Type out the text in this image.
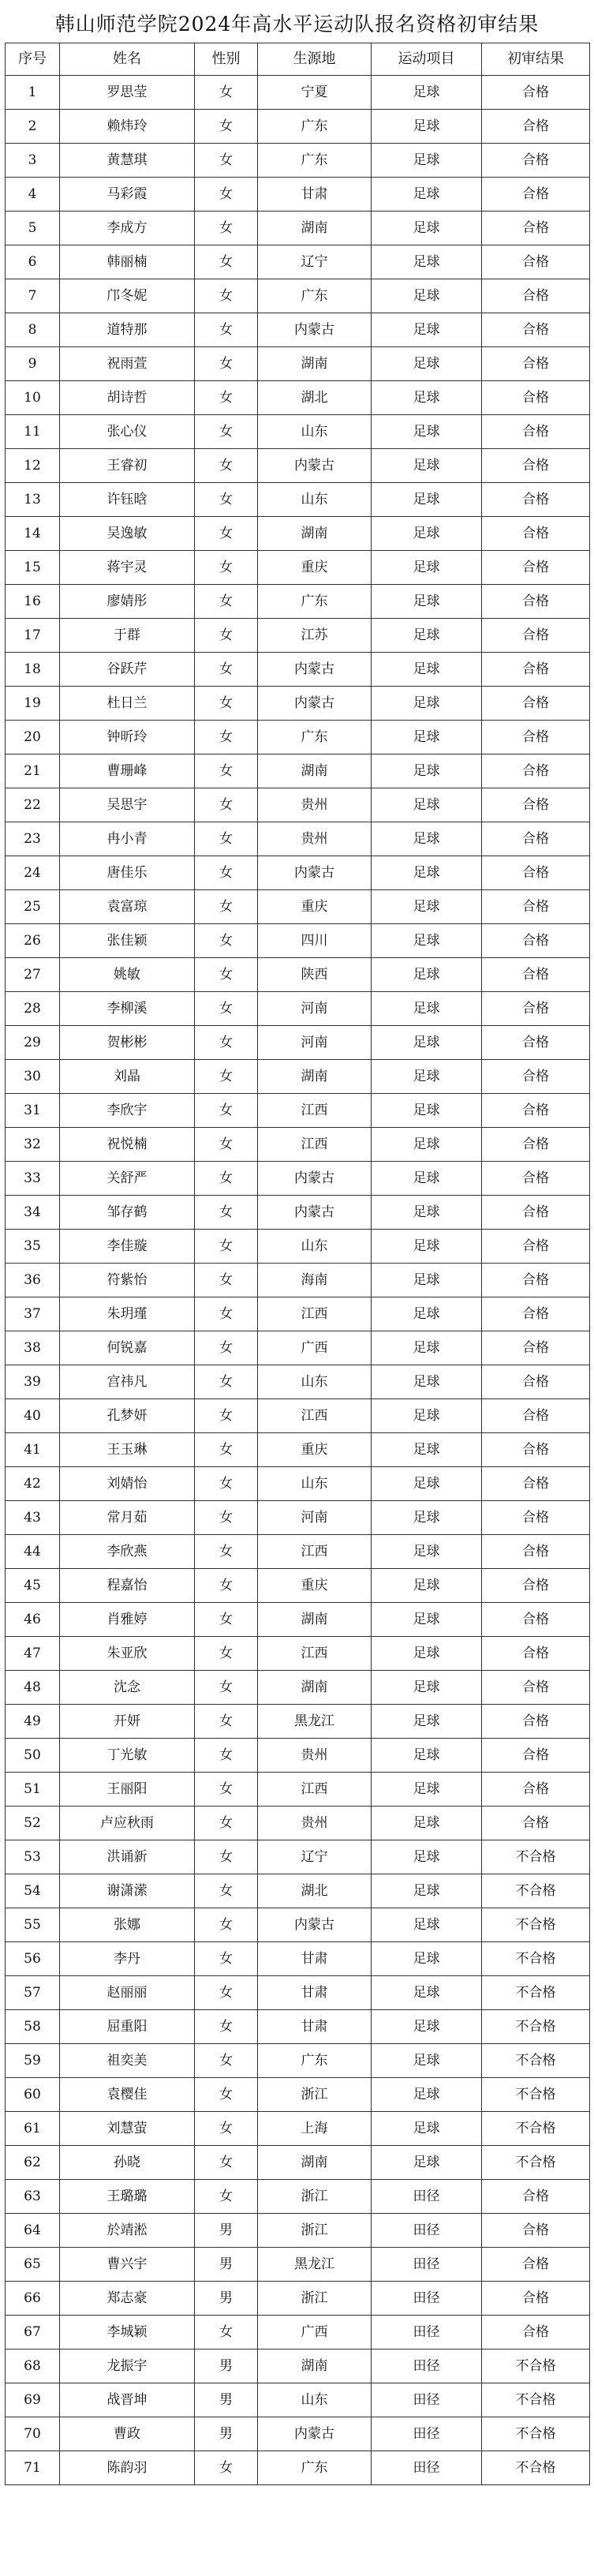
韩山师范学院2024年高水平运动队报名资格初审结果
序号	姓名	性别	生源地	运动项目	初审结果
1	罗思莹	女	宁夏	足球	合格
2	赖炜玲	女	广东	足球	合格
3	黄慧琪	女	广东	足球	合格
4	马彩霞	女	甘肃	足球	合格
5	李成方	女	湖南	足球	合格
6	韩丽楠	女	辽宁	足球	合格
7	邝冬妮	女	广东	足球	合格
8	道特那	女	内蒙古	足球	合格
9	祝雨萱	女	湖南	足球	合格
10	胡诗哲	女	湖北	足球	合格
11	张心仪	女	山东	足球	合格
12	王睿初	女	内蒙古	足球	合格
13	许钰晗	女	山东	足球	合格
14	吴逸敏	女	湖南	足球	合格
15	蒋宇灵	女	重庆	足球	合格
16	廖婧彤	女	广东	足球	合格
17	于群	女	江苏	足球	合格
18	谷跃芹	女	内蒙古	足球	合格
19	杜日兰	女	内蒙古	足球	合格
20	钟昕玲	女	广东	足球	合格
21	曹珊峰	女	湖南	足球	合格
22	吴思宇	女	贵州	足球	合格
23	冉小青	女	贵州	足球	合格
24	唐佳乐	女	内蒙古	足球	合格
25	袁富琼	女	重庆	足球	合格
26	张佳颖	女	四川	足球	合格
27	姚敏	女	陕西	足球	合格
28	李柳溪	女	河南	足球	合格
29	贺彬彬	女	河南	足球	合格
30	刘晶	女	湖南	足球	合格
31	李欣宇	女	江西	足球	合格
32	祝悦楠	女	江西	足球	合格
33	关舒严	女	内蒙古	足球	合格
34	邹存鹤	女	内蒙古	足球	合格
35	李佳璇	女	山东	足球	合格
36	符紫怡	女	海南	足球	合格
37	朱玥瑾	女	江西	足球	合格
38	何锐嘉	女	广西	足球	合格
39	宫祎凡	女	山东	足球	合格
40	孔梦妍	女	江西	足球	合格
41	王玉琳	女	重庆	足球	合格
42	刘婧怡	女	山东	足球	合格
43	常月茹	女	河南	足球	合格
44	李欣燕	女	江西	足球	合格
45	程嘉怡	女	重庆	足球	合格
46	肖雅婷	女	湖南	足球	合格
47	朱亚欣	女	江西	足球	合格
48	沈念	女	湖南	足球	合格
49	开妍	女	黑龙江	足球	合格
50	丁光敏	女	贵州	足球	合格
51	王丽阳	女	江西	足球	合格
52	卢应秋雨	女	贵州	足球	合格
53	洪诵新	女	辽宁	足球	不合格
54	谢潇潆	女	湖北	足球	不合格
55	张娜	女	内蒙古	足球	不合格
56	李丹	女	甘肃	足球	不合格
57	赵丽丽	女	甘肃	足球	不合格
58	屈重阳	女	甘肃	足球	不合格
59	祖奕美	女	广东	足球	不合格
60	袁樱佳	女	浙江	足球	不合格
61	刘慧萤	女	上海	足球	不合格
62	孙晓	女	湖南	足球	不合格
63	王璐璐	女	浙江	田径	合格
64	於靖淞	男	浙江	田径	合格
65	曹兴宇	男	黑龙江	田径	合格
66	郑志豪	男	浙江	田径	合格
67	李城颖	女	广西	田径	合格
68	龙振宇	男	湖南	田径	不合格
69	战晋坤	男	山东	田径	不合格
70	曹政	男	内蒙古	田径	不合格
71	陈韵羽	女	广东	田径	不合格
